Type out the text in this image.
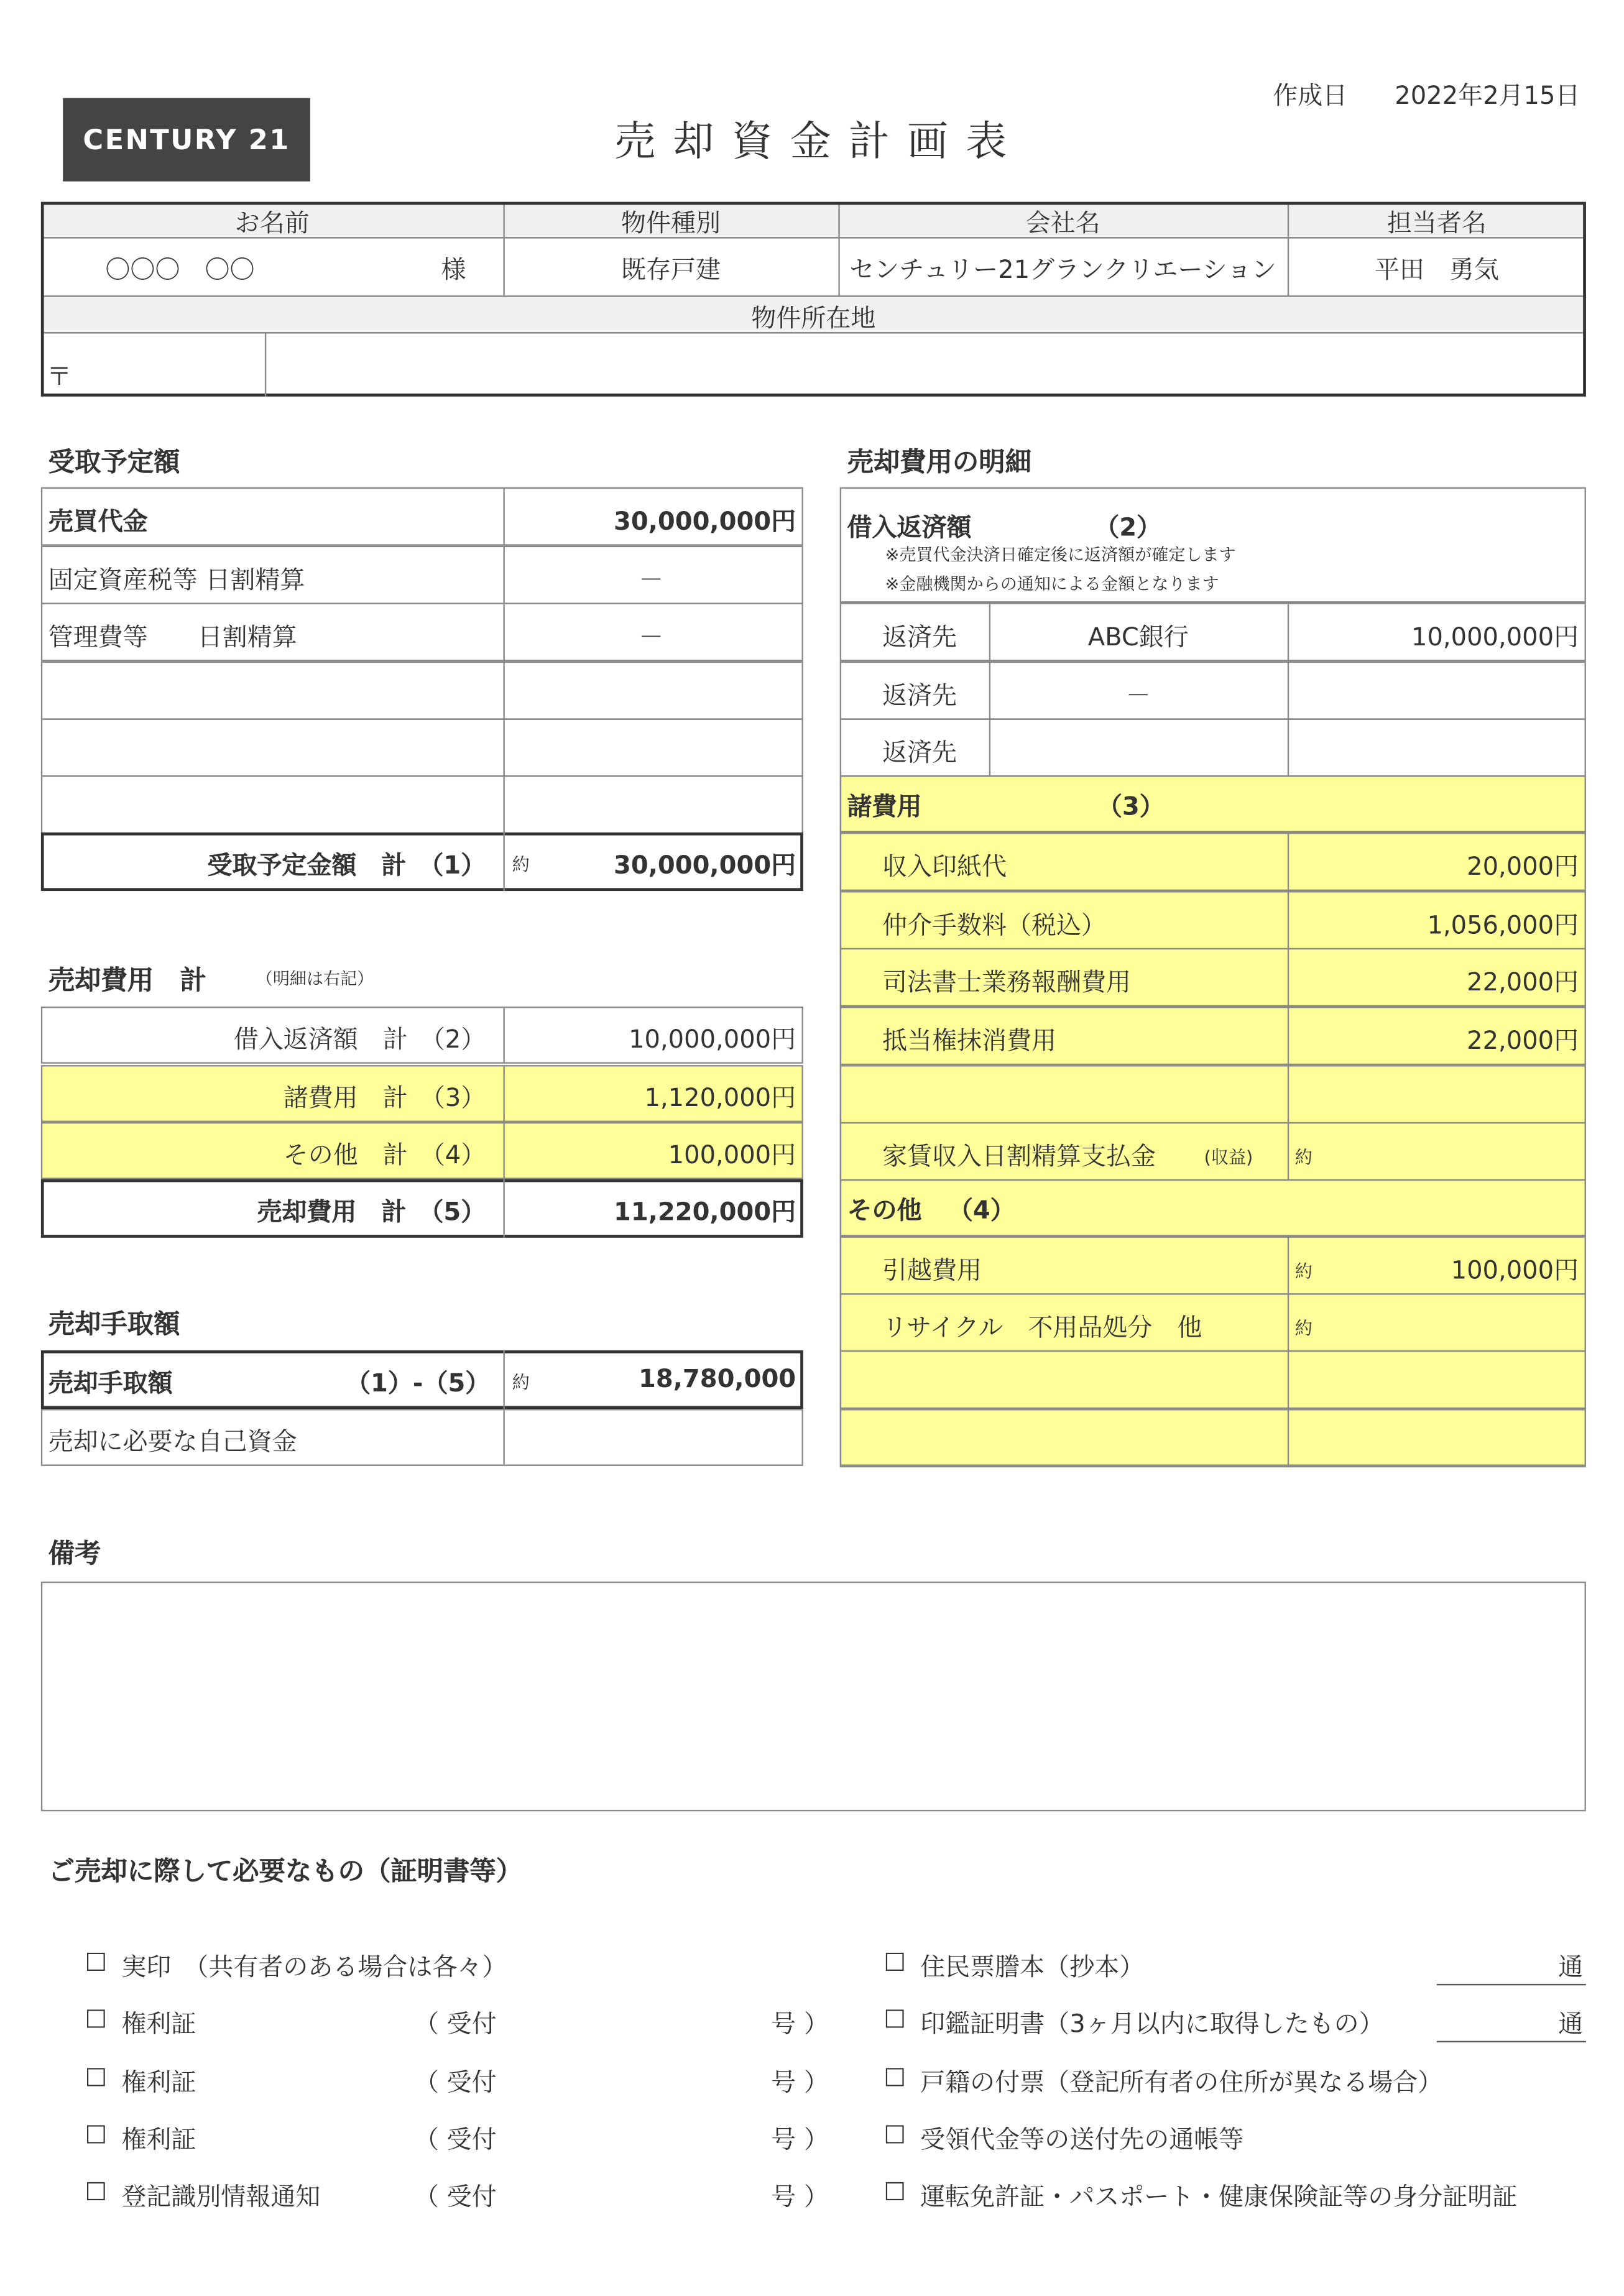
作成日	2022年2月15日
CENTURY 21	売却資金計画表
お名前	物件種別	会社名	担当者名
〇〇〇　〇〇	様	既存戸建	センチュリー21グランクリエーション	平田　勇気
物件所在地
〒
受取予定額
売買代金	30,000,000円
固定資産税等 日割精算	－
管理費等　　日割精算	－
受取予定金額　計　（1）	約	30,000,000円
売却費用　計	（明細は右記）
借入返済額　計　（2）	10,000,000円
諸費用　計　（3）	1,120,000円
その他　計　（4）	100,000円
売却費用　計　（5）	11,220,000円
売却手取額
売却手取額	（1）-（5）	約	18,780,000
売却に必要な自己資金
売却費用の明細
借入返済額	（2）
※売買代金決済日確定後に返済額が確定します
※金融機関からの通知による金額となります
返済先	ABC銀行	10,000,000円
返済先	－
返済先
諸費用	（3）
収入印紙代	20,000円
仲介手数料（税込）	1,056,000円
司法書士業務報酬費用	22,000円
抵当権抹消費用	22,000円
家賃収入日割精算支払金	(収益)	約
その他	（4）
引越費用	約	100,000円
リサイクル　不用品処分　他	約
備考
ご売却に際して必要なもの（証明書等）
☐	実印　（共有者のある場合は各々）	☐	住民票謄本（抄本）	通
☐	権利証	（ 受付	号 ）	☐	印鑑証明書（3ヶ月以内に取得したもの）	通
☐	権利証	（ 受付	号 ）	☐	戸籍の付票（登記所有者の住所が異なる場合）
☐	権利証	（ 受付	号 ）	☐	受領代金等の送付先の通帳等
☐	登記識別情報通知	（ 受付	号 ）	☐	運転免許証・パスポート・健康保険証等の身分証明証
